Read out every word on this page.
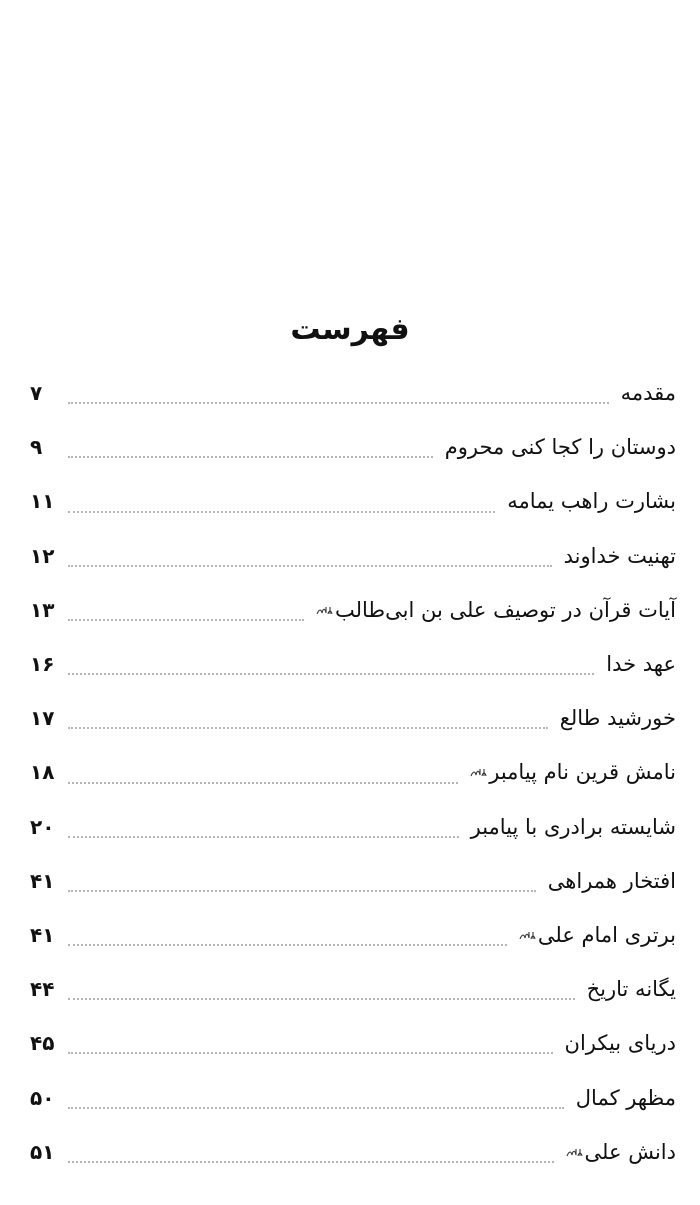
فهرست
مقدمه
۷
دوستان را کجا کنی محروم
۹
بشارت راهب یمامه
۱۱
تهنیت خداوند
۱۲
آیات قرآن در توصیف علی بن ابی‌طالب
۱۳
عهد خدا
۱۶
خورشید طالع
۱۷
نامش قرین نام پیامبر
۱۸
شایسته برادری با پیامبر
۲۰
افتخار همراهی
۴۱
برتری امام علی
۴۱
یگانه تاریخ
۴۴
دریای بیکران
۴۵
مظهر کمال
۵۰
دانش علی
۵۱
